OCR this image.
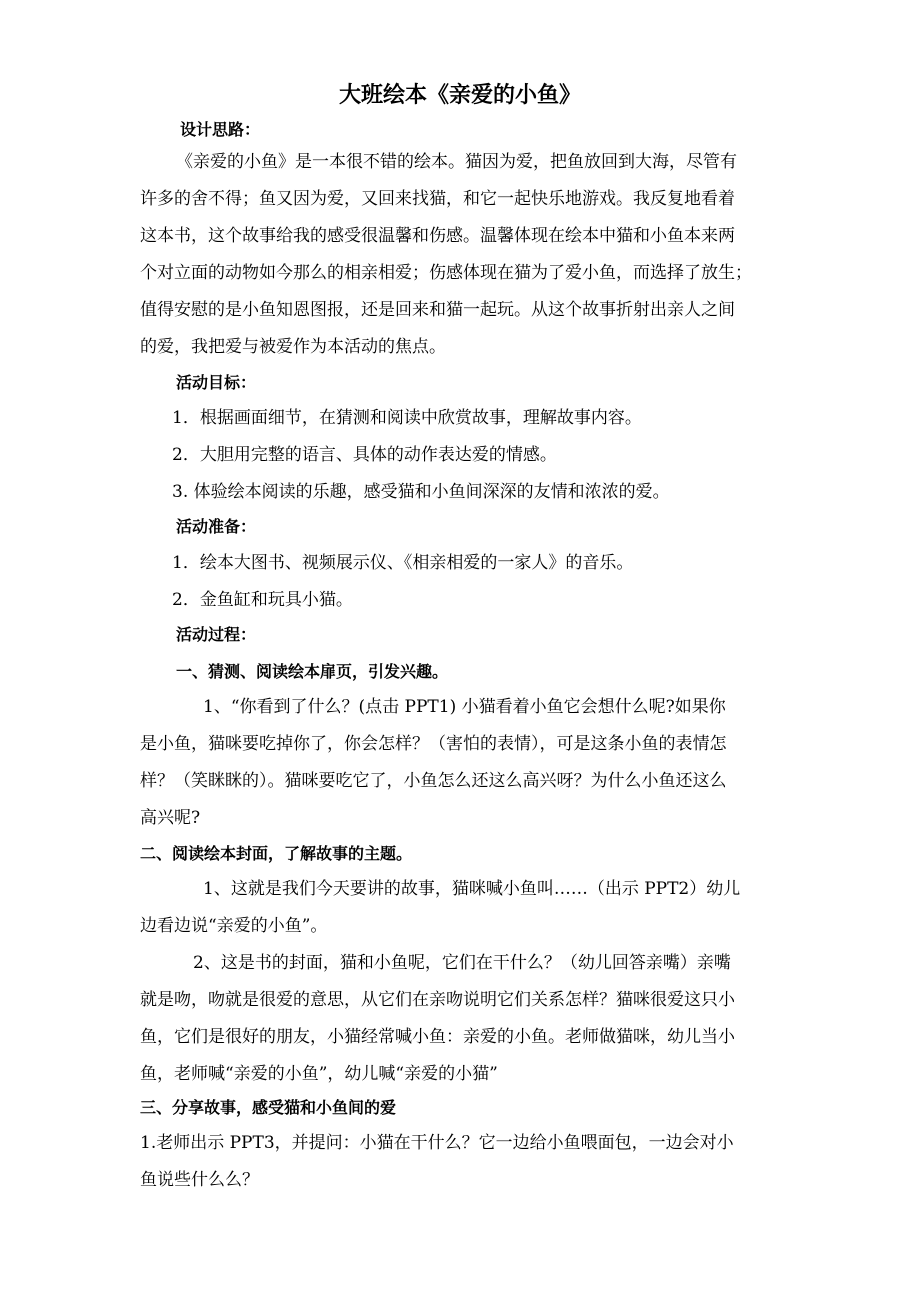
大班绘本《亲爱的小鱼》
设计思路：
《亲爱的小鱼》是一本很不错的绘本。猫因为爱，把鱼放回到大海，尽管有
许多的舍不得；鱼又因为爱，又回来找猫，和它一起快乐地游戏。我反复地看着
这本书，这个故事给我的感受很温馨和伤感。温馨体现在绘本中猫和小鱼本来两
个对立面的动物如今那么的相亲相爱；伤感体现在猫为了爱小鱼，而选择了放生；
值得安慰的是小鱼知恩图报，还是回来和猫一起玩。从这个故事折射出亲人之间
的爱，我把爱与被爱作为本活动的焦点。
活动目标：
1．根据画面细节，在猜测和阅读中欣赏故事，理解故事内容。
2．大胆用完整的语言、具体的动作表达爱的情感。
3. 体验绘本阅读的乐趣，感受猫和小鱼间深深的友情和浓浓的爱。
活动准备：
1．绘本大图书、视频展示仪、《相亲相爱的一家人》的音乐。
2．金鱼缸和玩具小猫。
活动过程：
一、猜测、阅读绘本扉页，引发兴趣。
1、“你看到了什么？(点击 PPT1) 小猫看着小鱼它会想什么呢?如果你
是小鱼，猫咪要吃掉你了，你会怎样？（害怕的表情），可是这条小鱼的表情怎
样？（笑眯眯的）。猫咪要吃它了，小鱼怎么还这么高兴呀？为什么小鱼还这么
高兴呢?
二、阅读绘本封面，了解故事的主题。
1、这就是我们今天要讲的故事，猫咪喊小鱼叫……（出示 PPT2）幼儿
边看边说“亲爱的小鱼”。
2、这是书的封面，猫和小鱼呢，它们在干什么？（幼儿回答亲嘴）亲嘴
就是吻，吻就是很爱的意思，从它们在亲吻说明它们关系怎样？猫咪很爱这只小
鱼，它们是很好的朋友，小猫经常喊小鱼：亲爱的小鱼。老师做猫咪，幼儿当小
鱼，老师喊“亲爱的小鱼”，幼儿喊“亲爱的小猫”
三、分享故事，感受猫和小鱼间的爱
1.老师出示 PPT3，并提问：小猫在干什么？它一边给小鱼喂面包，一边会对小
鱼说些什么么？
